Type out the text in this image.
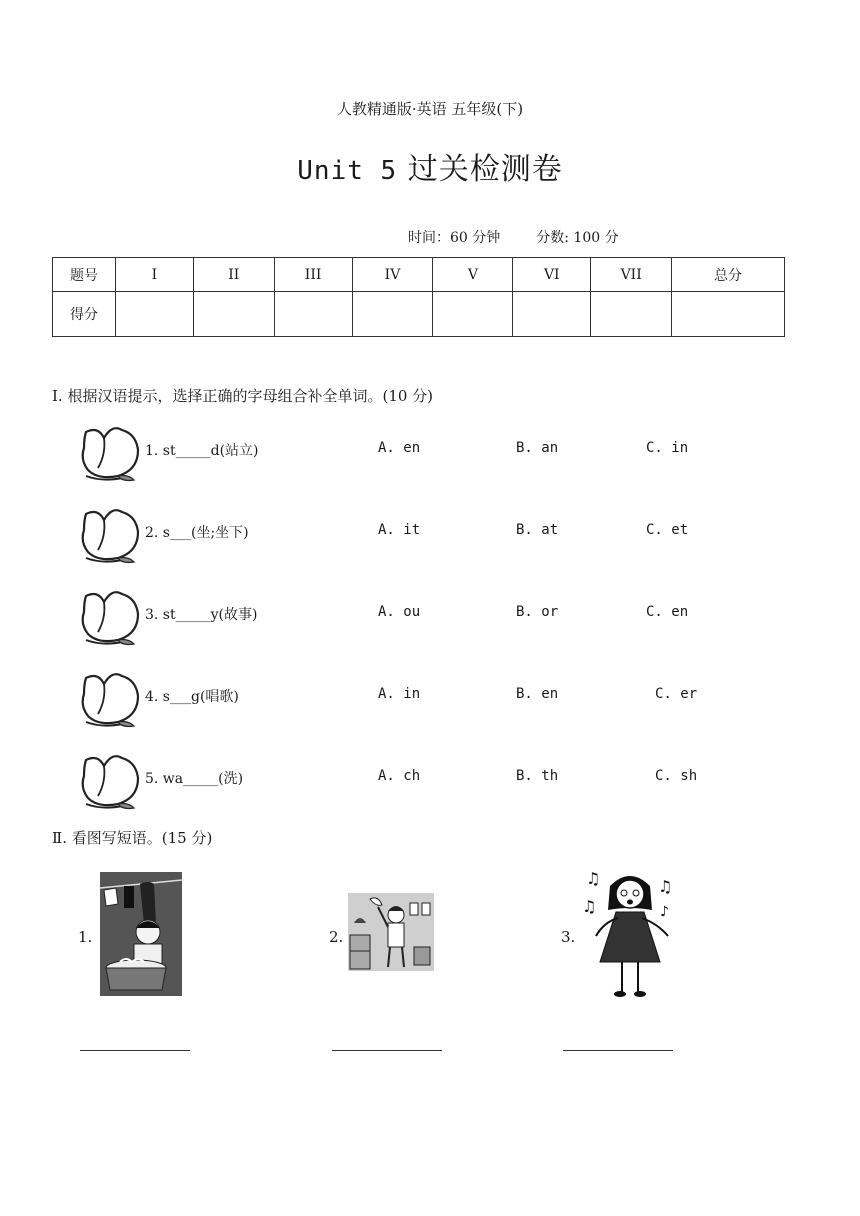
人教精通版·英语 五年级(下)
Unit 5 过关检测卷
时间：60 分钟	分数: 100 分
题号	I	II	III	IV	V	VI	VII	总分
得分								
Ⅰ. 根据汉语提示，选择正确的字母组合补全单词。(10 分)
1. st_____d(站立)	A. en	B. an	C. in
2. s___(坐;坐下)	A. it	B. at	C. et
3. st_____y(故事)	A. ou	B. or	C. en
4. s___g(唱歌)	A. in	B. en	C. er
5. wa_____(洗)	A. ch	B. th	C. sh
Ⅱ. 看图写短语。(15 分)
1.	2.	3.
♫
♫
♫
♪
